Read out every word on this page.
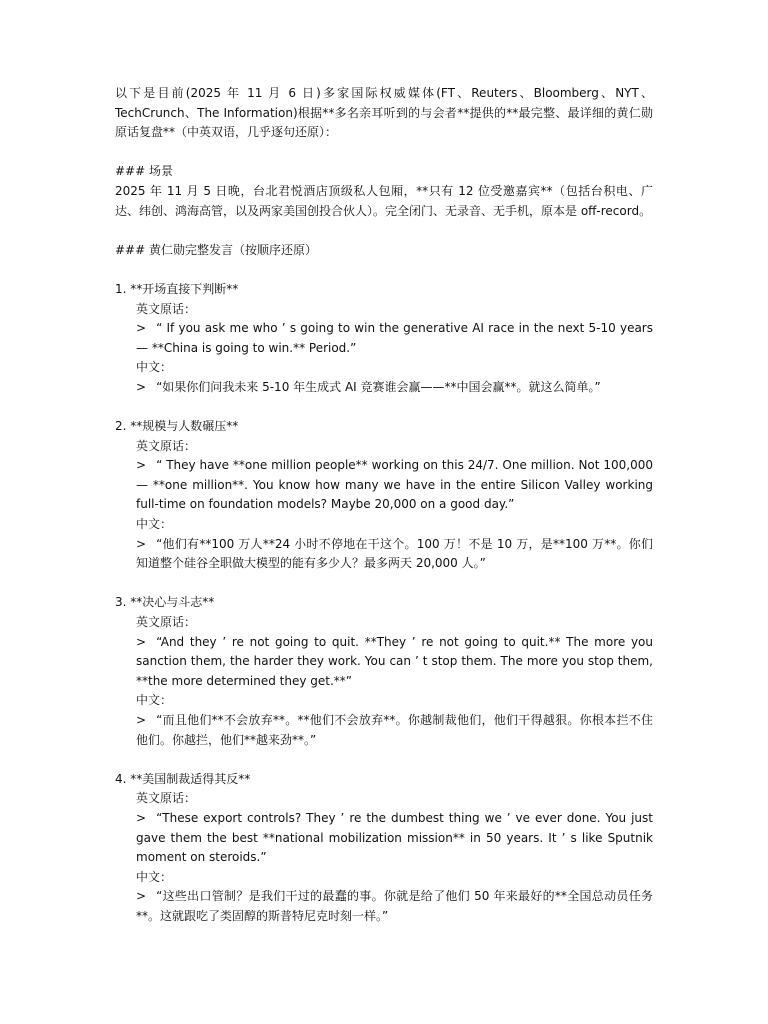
以下是目前(2025 年 11 月 6 日)多家国际权威媒体(FT、Reuters、Bloomberg、NYT、TechCrunch、The Information)根据**多名亲耳听到的与会者**提供的**最完整、最详细的黄仁勋原话复盘**（中英双语，几乎逐句还原）：

### 场景

2025 年 11 月 5 日晚，台北君悦酒店顶级私人包厢，**只有 12 位受邀嘉宾**（包括台积电、广达、纬创、鸿海高管，以及两家美国创投合伙人）。完全闭门、无录音、无手机，原本是 off-record。

### 黄仁勋完整发言（按顺序还原）

1. **开场直接下判断**

英文原话：

> “ If you ask me who ’ s going to win the generative AI race in the next 5-10 years — **China is going to win.** Period.”

中文：

> “如果你们问我未来 5-10 年生成式 AI 竞赛谁会赢——**中国会赢**。就这么简单。”

2. **规模与人数碾压**

英文原话：

> “ They have **one million people** working on this 24/7. One million. Not 100,000 — **one million**. You know how many we have in the entire Silicon Valley working full-time on foundation models? Maybe 20,000 on a good day.”

中文：

> “他们有**100 万人**24 小时不停地在干这个。100 万！不是 10 万，是**100 万**。你们知道整个硅谷全职做大模型的能有多少人？最多两天 20,000 人。”

3. **决心与斗志**

英文原话：

> “And they ’ re not going to quit. **They ’ re not going to quit.** The more you sanction them, the harder they work. You can ’ t stop them. The more you stop them, **the more determined they get.**”

中文：

> “而且他们**不会放弃**。**他们不会放弃**。你越制裁他们，他们干得越狠。你根本拦不住他们。你越拦，他们**越来劲**。”

4. **美国制裁适得其反**

英文原话：

> “These export controls? They ’ re the dumbest thing we ’ ve ever done. You just gave them the best **national mobilization mission** in 50 years. It ’ s like Sputnik moment on steroids.”

中文：

> “这些出口管制？是我们干过的最蠢的事。你就是给了他们 50 年来最好的**全国总动员任务**。这就跟吃了类固醇的斯普特尼克时刻一样。”
